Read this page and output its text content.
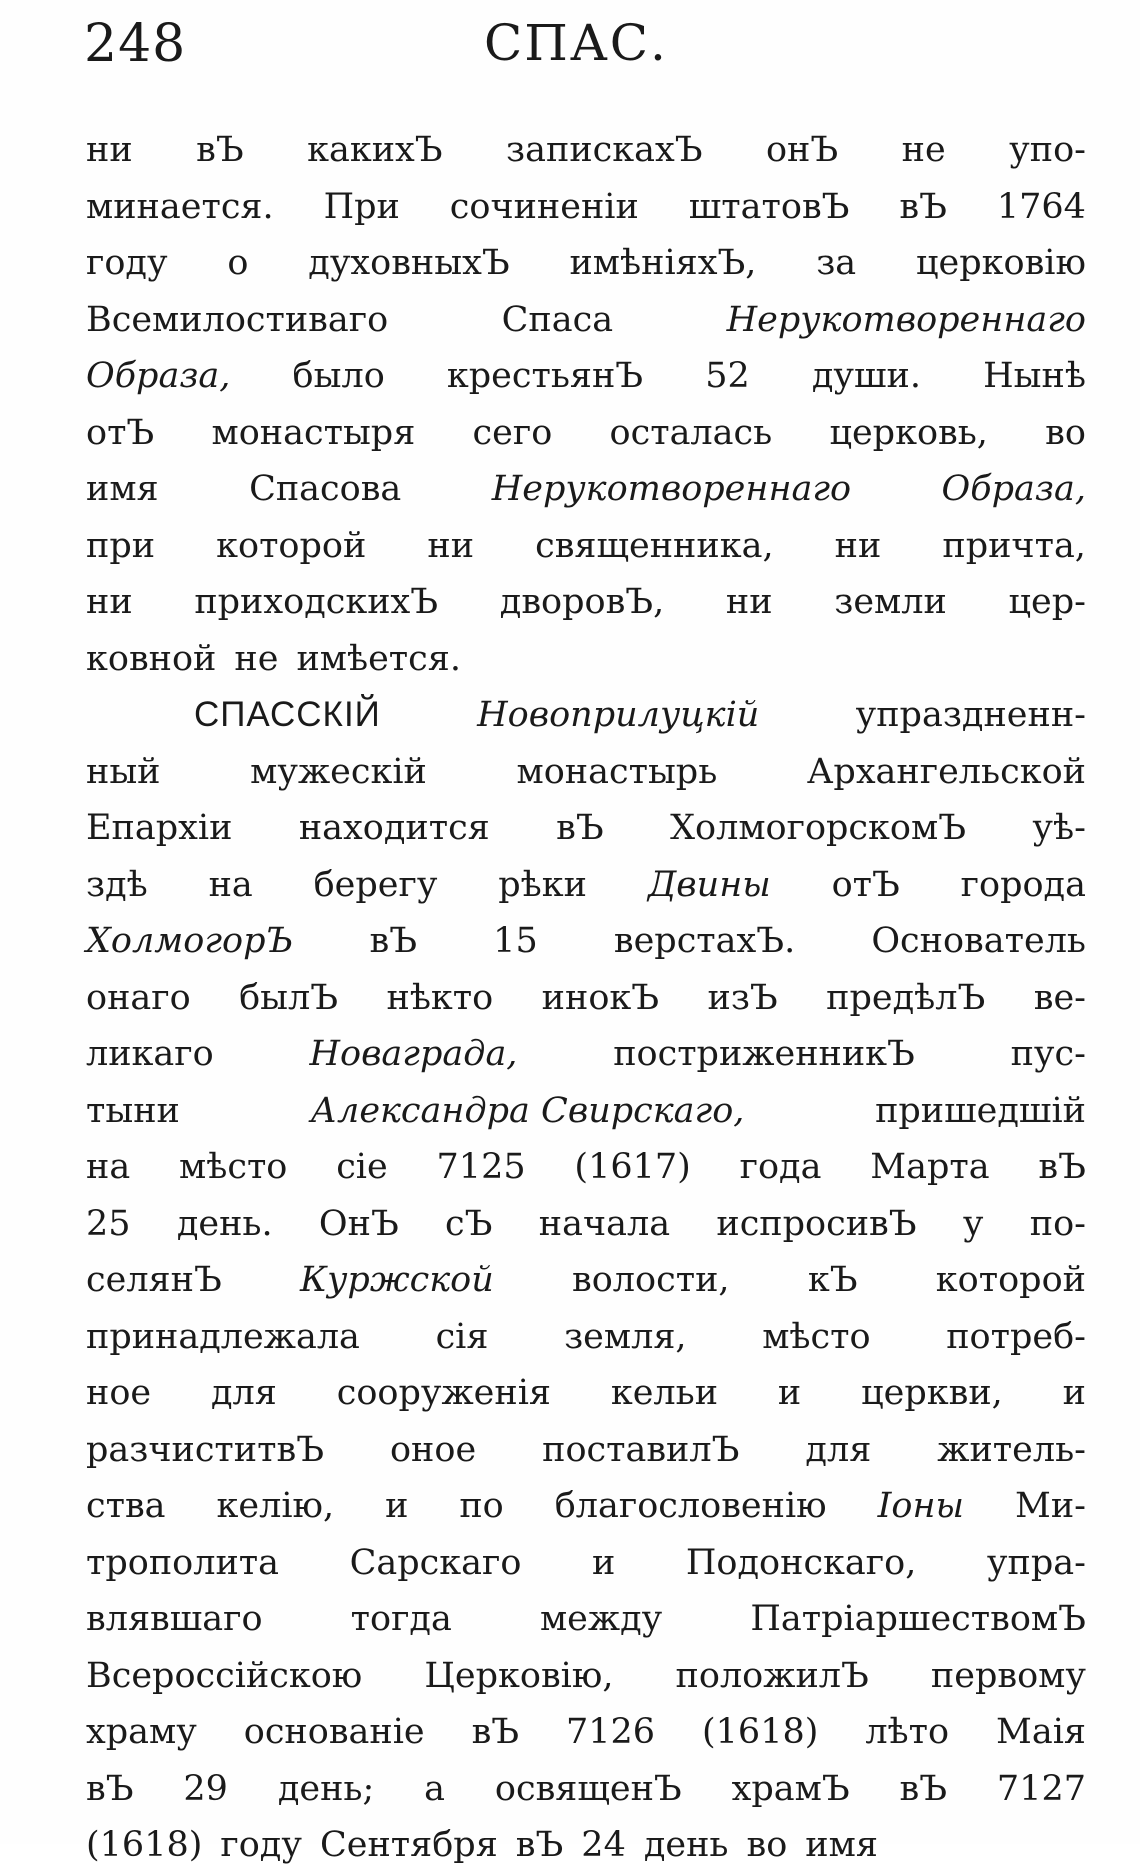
248	СПАС.
ни вЪ какихЪ запискахЪ онЪ не упо-
минается. При сочиненіи штатовЪ вЪ 1764
году о духовныхЪ имѣніяхЪ, за церковію
Всемилостиваго	Спаса	Нерукотвореннаго
Образа, было крестьянЪ 52 души. Нынѣ
отЪ монастыря сего осталась церковь, во
имя	Спасова	Нерукотвореннаго	Образа,
при которой ни священника, ни причта,
ни приходскихЪ дворовЪ, ни земли цер-
ковной не имѣется.
СПАССКІЙ	Новоприлуцкій	упраздненн-
ный	мужескій	монастырь	Архангельской
Епархіи находится вЪ ХолмогорскомЪ уѣ-
здѣ на берегу рѣки Двины отЪ города
ХолмогорЪ вЪ 15 верстахЪ. Основатель
онаго былЪ нѣкто инокЪ изЪ предѣлЪ ве-
ликаго	Новаграда,	постриженникЪ	пус-
тыни	Александра Свирскаго,	пришедшій
на мѣсто сіе 7125 (1617) года Марта вЪ
25 день. ОнЪ сЪ начала испросивЪ у по-
селянЪ Куржской волости, кЪ которой
принадлежала сія земля, мѣсто потреб-
ное для сооруженія кельи и церкви, и
разчиститвЪ оное поставилЪ для житель-
ства келію, и по благословенію Іоны Ми-
трополита Сарскаго и Подонскаго, упра-
влявшаго	тогда	между	ПатріаршествомЪ
Всероссійскою Церковію, положилЪ первому
храму основаніе вЪ 7126 (1618) лѣто Маія
вЪ 29 день; а освященЪ храмЪ вЪ 7127
(1618) году Сентября вЪ 24 день во имя
